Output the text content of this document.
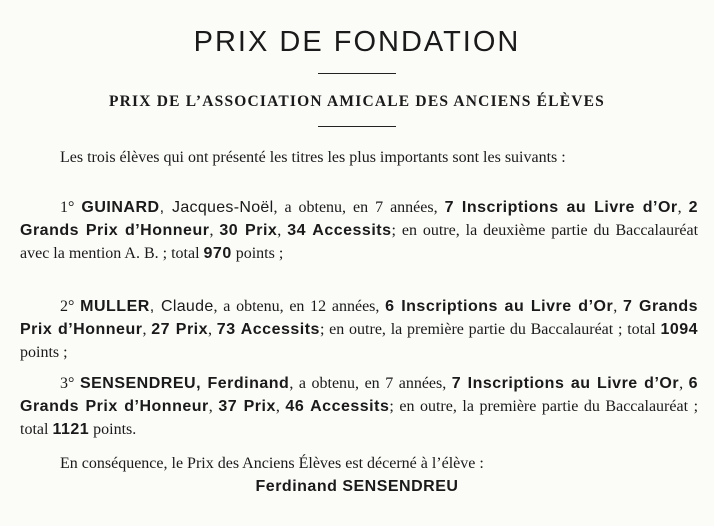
PRIX DE FONDATION
PRIX DE L’ASSOCIATION AMICALE DES ANCIENS ÉLÈVES
Les trois élèves qui ont présenté les titres les plus importants sont les suivants :
1° GUINARD, Jacques-Noël, a obtenu, en 7 années, 7 Inscriptions au Livre d’Or, 2 Grands Prix d’Honneur, 30 Prix, 34 Accessits; en outre, la deuxième partie du Baccalauréat avec la mention A. B. ; total 970 points ;
2° MULLER, Claude, a obtenu, en 12 années, 6 Inscriptions au Livre d’Or, 7 Grands Prix d’Honneur, 27 Prix, 73 Accessits; en outre, la première partie du Baccalauréat ; total 1094 points ;
3° SENSENDREU, Ferdinand, a obtenu, en 7 années, 7 Inscriptions au Livre d’Or, 6 Grands Prix d’Honneur, 37 Prix, 46 Accessits; en outre, la première partie du Baccalauréat ; total 1121 points.
En conséquence, le Prix des Anciens Élèves est décerné à l’élève :
Ferdinand SENSENDREU
